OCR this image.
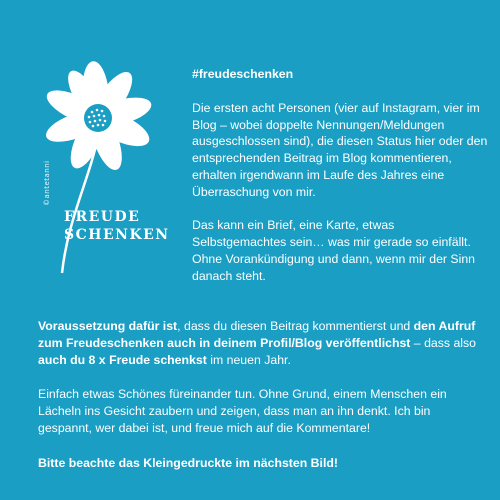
©antetanni
FREUDE
SCHENKEN

#freudeschenken

Die ersten acht Personen (vier auf Instagram, vier im Blog – wobei doppelte Nennungen/Meldungen ausgeschlossen sind), die diesen Status hier oder den entsprechenden Beitrag im Blog kommentieren, erhalten irgendwann im Laufe des Jahres eine Überraschung von mir.

Das kann ein Brief, eine Karte, etwas Selbstgemachtes sein… was mir gerade so einfällt. Ohne Vorankündigung und dann, wenn mir der Sinn danach steht.

Voraussetzung dafür ist, dass du diesen Beitrag kommentierst und den Aufruf zum Freudeschenken auch in deinem Profil/Blog veröffentlichst – dass also auch du 8 x Freude schenkst im neuen Jahr.

Einfach etwas Schönes füreinander tun. Ohne Grund, einem Menschen ein Lächeln ins Gesicht zaubern und zeigen, dass man an ihn denkt. Ich bin gespannt, wer dabei ist, und freue mich auf die Kommentare!

Bitte beachte das Kleingedruckte im nächsten Bild!
